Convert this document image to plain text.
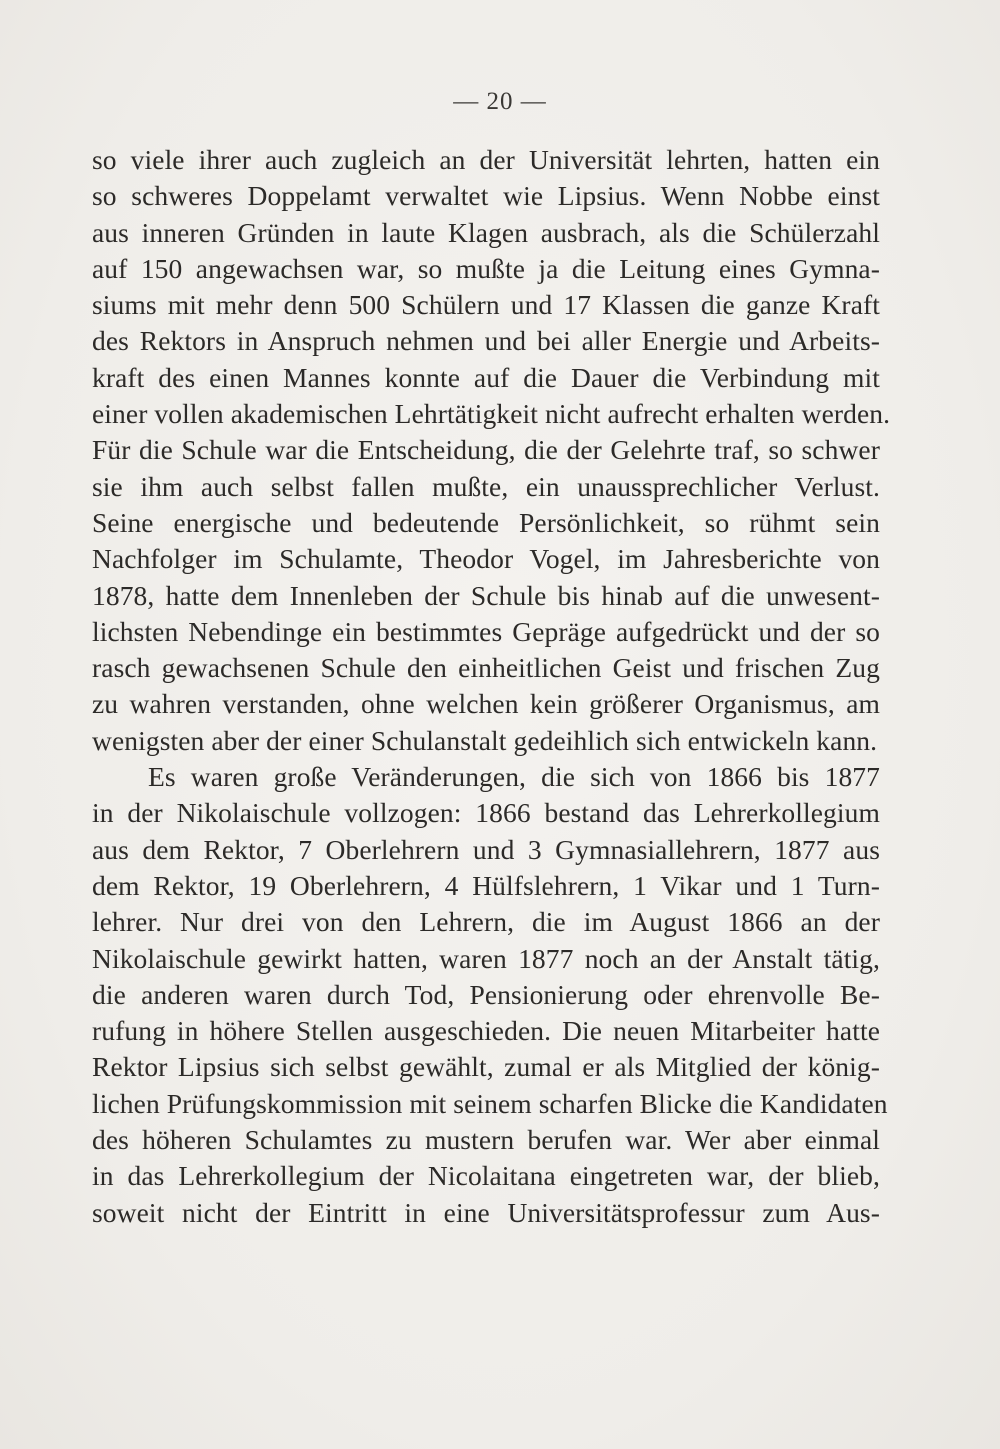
— 20 —
so viele ihrer auch zugleich an der Universität lehrten, hatten ein
so schweres Doppelamt verwaltet wie Lipsius. Wenn Nobbe einst
aus inneren Gründen in laute Klagen ausbrach, als die Schülerzahl
auf 150 angewachsen war, so mußte ja die Leitung eines Gymna-
siums mit mehr denn 500 Schülern und 17 Klassen die ganze Kraft
des Rektors in Anspruch nehmen und bei aller Energie und Arbeits-
kraft des einen Mannes konnte auf die Dauer die Verbindung mit
einer vollen akademischen Lehrtätigkeit nicht aufrecht erhalten werden.
Für die Schule war die Entscheidung, die der Gelehrte traf, so schwer
sie ihm auch selbst fallen mußte, ein unaussprechlicher Verlust.
Seine energische und bedeutende Persönlichkeit, so rühmt sein
Nachfolger im Schulamte, Theodor Vogel, im Jahresberichte von
1878, hatte dem Innenleben der Schule bis hinab auf die unwesent-
lichsten Nebendinge ein bestimmtes Gepräge aufgedrückt und der so
rasch gewachsenen Schule den einheitlichen Geist und frischen Zug
zu wahren verstanden, ohne welchen kein größerer Organismus, am
wenigsten aber der einer Schulanstalt gedeihlich sich entwickeln kann.
Es waren große Veränderungen, die sich von 1866 bis 1877
in der Nikolaischule vollzogen: 1866 bestand das Lehrerkollegium
aus dem Rektor, 7 Oberlehrern und 3 Gymnasiallehrern, 1877 aus
dem Rektor, 19 Oberlehrern, 4 Hülfslehrern, 1 Vikar und 1 Turn-
lehrer. Nur drei von den Lehrern, die im August 1866 an der
Nikolaischule gewirkt hatten, waren 1877 noch an der Anstalt tätig,
die anderen waren durch Tod, Pensionierung oder ehrenvolle Be-
rufung in höhere Stellen ausgeschieden. Die neuen Mitarbeiter hatte
Rektor Lipsius sich selbst gewählt, zumal er als Mitglied der könig-
lichen Prüfungskommission mit seinem scharfen Blicke die Kandidaten
des höheren Schulamtes zu mustern berufen war. Wer aber einmal
in das Lehrerkollegium der Nicolaitana eingetreten war, der blieb,
soweit nicht der Eintritt in eine Universitätsprofessur zum Aus-
